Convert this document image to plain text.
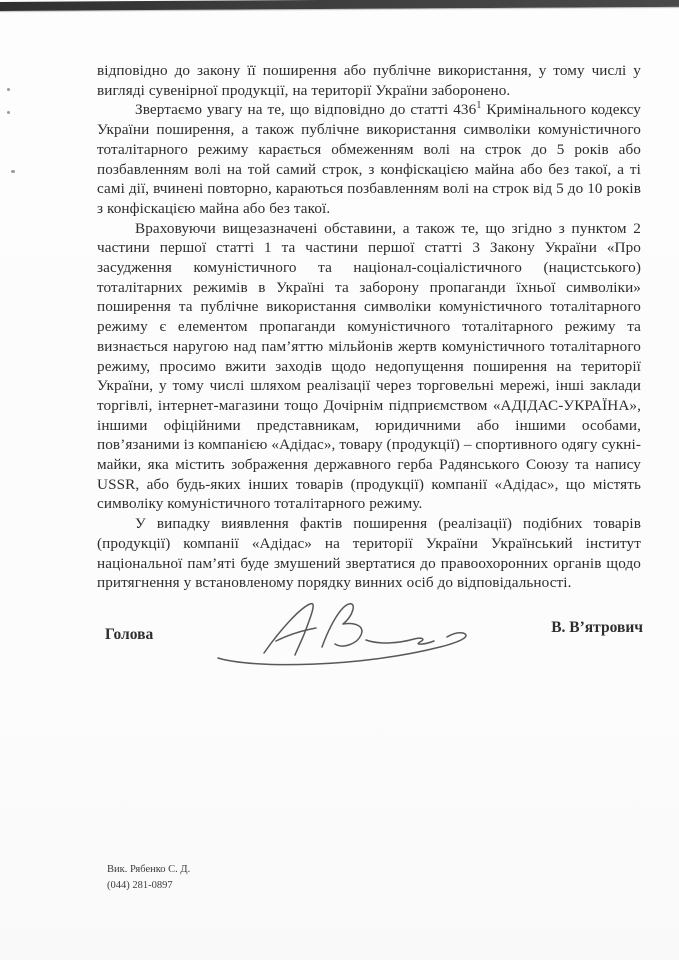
відповідно до закону її поширення або публічне використання, у тому числі у вигляді сувенірної продукції, на території України заборонено.

Звертаємо увагу на те, що відповідно до статті $436^1$ Кримінального кодексу України поширення, а також публічне використання символіки комуністичного тоталітарного режиму карається обмеженням волі на строк до 5 років або позбавленням волі на той самий строк, з конфіскацією майна або без такої, а ті самі дії, вчинені повторно, караються позбавленням волі на строк від 5 до 10 років з конфіскацією майна або без такої.

Враховуючи вищезазначені обставини, а також те, що згідно з пунктом 2 частини першої статті 1 та частини першої статті 3 Закону України «Про засудження комуністичного та націонал-соціалістичного (нацистського) тоталітарних режимів в Україні та заборону пропаганди їхньої символіки» поширення та публічне використання символіки комуністичного тоталітарного режиму є елементом пропаганди комуністичного тоталітарного режиму та визнається наругою над пам’яттю мільйонів жертв комуністичного тоталітарного режиму, просимо вжити заходів щодо недопущення поширення на території України, у тому числі шляхом реалізації через торговельні мережі, інші заклади торгівлі, інтернет-магазини тощо Дочірнім підприємством «АДІДАС-УКРАЇНА», іншими офіційними представникам, юридичними або іншими особами, пов’язаними із компанією «Адідас», товару (продукції) – спортивного одягу сукні-майки, яка містить зображення державного герба Радянського Союзу та напису USSR, або будь-яких інших товарів (продукції) компанії «Адідас», що містять символіку комуністичного тоталітарного режиму.

У випадку виявлення фактів поширення (реалізації) подібних товарів (продукції) компанії «Адідас» на території України Український інститут національної пам’яті буде змушений звертатися до правоохоронних органів щодо притягнення у встановленому порядку винних осіб до відповідальності.

Голова	В. В’ятрович
Вик. Рябенко С. Д.
(044) 281-0897
